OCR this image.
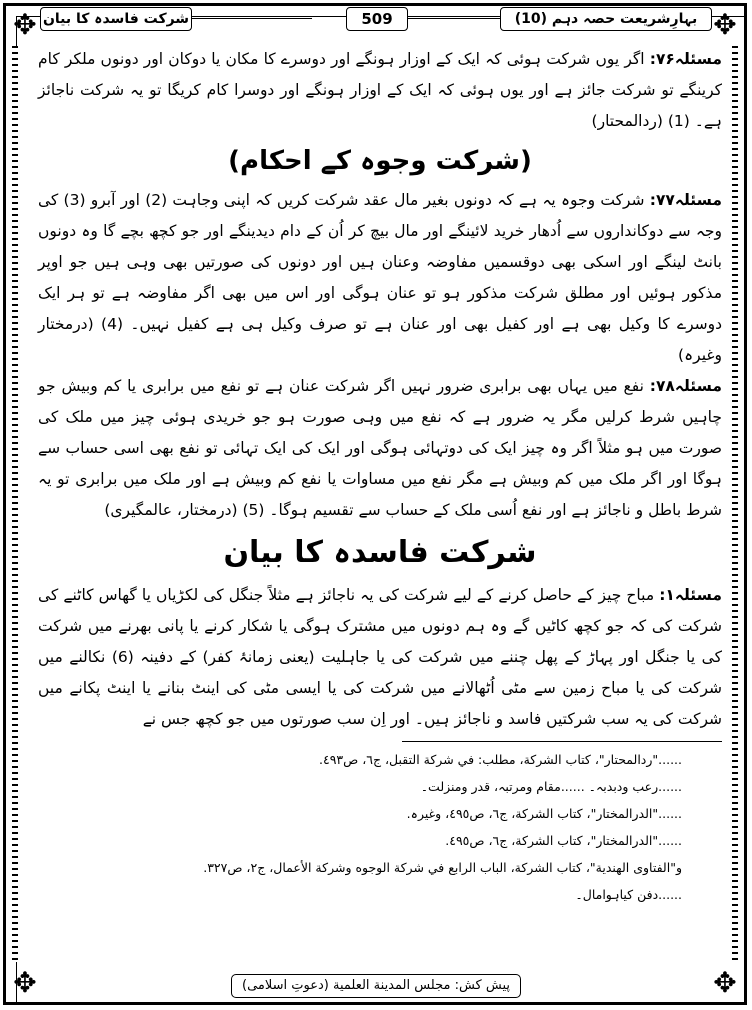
✥	✥
✥	✥
بہارِشریعت حصہ دہم (10)
509
شرکت فاسدہ کا بیان

مسئلہ۷۶: اگر یوں شرکت ہوئی کہ ایک کے اوزار ہونگے اور دوسرے کا مکان یا دوکان اور دونوں ملکر کام کرینگے تو شرکت جائز ہے اور یوں ہوئی کہ ایک کے اوزار ہونگے اور دوسرا کام کریگا تو یہ شرکت ناجائز ہے۔ (1) (ردالمحتار)

(شرکت وجوہ کے احکام)

مسئلہ۷۷: شرکت وجوہ یہ ہے کہ دونوں بغیر مال عقد شرکت کریں کہ اپنی وجاہت (2) اور آبرو (3) کی وجہ سے دوکانداروں سے اُدھار خرید لائینگے اور مال بیچ کر اُن کے دام دیدینگے اور جو کچھ بچے گا وہ دونوں بانٹ لینگے اور اسکی بھی دوقسمیں مفاوضہ وعنان ہیں اور دونوں کی صورتیں بھی وہی ہیں جو اوپر مذکور ہوئیں اور مطلق شرکت مذکور ہو تو عنان ہوگی اور اس میں بھی اگر مفاوضہ ہے تو ہر ایک دوسرے کا وکیل بھی ہے اور کفیل بھی اور عنان ہے تو صرف وکیل ہی ہے کفیل نہیں۔ (4) (درمختار وغیرہ)

مسئلہ۷۸: نفع میں یہاں بھی برابری ضرور نہیں اگر شرکت عنان ہے تو نفع میں برابری یا کم وبیش جو چاہیں شرط کرلیں مگر یہ ضرور ہے کہ نفع میں وہی صورت ہو جو خریدی ہوئی چیز میں ملک کی صورت میں ہو مثلاً اگر وہ چیز ایک کی دوتہائی ہوگی اور ایک کی ایک تہائی تو نفع بھی اسی حساب سے ہوگا اور اگر ملک میں کم وبیش ہے مگر نفع میں مساوات یا نفع کم وبیش ہے اور ملک میں برابری تو یہ شرط باطل و ناجائز ہے اور نفع اُسی ملک کے حساب سے تقسیم ہوگا۔ (5) (درمختار، عالمگیری)

شرکت فاسدہ کا بیان

مسئلہ۱: مباح چیز کے حاصل کرنے کے لیے شرکت کی یہ ناجائز ہے مثلاً جنگل کی لکڑیاں یا گھاس کاٹنے کی شرکت کی کہ جو کچھ کاٹیں گے وہ ہم دونوں میں مشترک ہوگی یا شکار کرنے یا پانی بھرنے میں شرکت کی یا جنگل اور پہاڑ کے پھل چننے میں شرکت کی یا جاہلیت (یعنی زمانۂ کفر) کے دفینہ (6) نکالنے میں شرکت کی یا مباح زمین سے مٹی اُٹھالانے میں شرکت کی یا ایسی مٹی کی اینٹ بنانے یا اینٹ پکانے میں شرکت کی یہ سب شرکتیں فاسد و ناجائز ہیں۔ اور اِن سب صورتوں میں جو کچھ جس نے

......"ردالمحتار"، کتاب الشرکة، مطلب: في شرکة التقبل، ج٦، ص٤٩٣.

......رعب ودبدبہ۔ ......مقام ومرتبہ، قدر ومنزلت۔

......"الدرالمختار"، کتاب الشرکة، ج٦، ص٤٩٥، وغیرہ.

......"الدرالمختار"، کتاب الشرکة، ج٦، ص٤٩٥.

و"الفتاوی الهندیة"، کتاب الشرکة، الباب الرابع في شرکة الوجوه وشرکة الأعمال، ج٢، ص٣٢٧.

......دفن کیاہوامال۔

پیش کش: مجلس المدینة العلمیة (دعوتِ اسلامی)
